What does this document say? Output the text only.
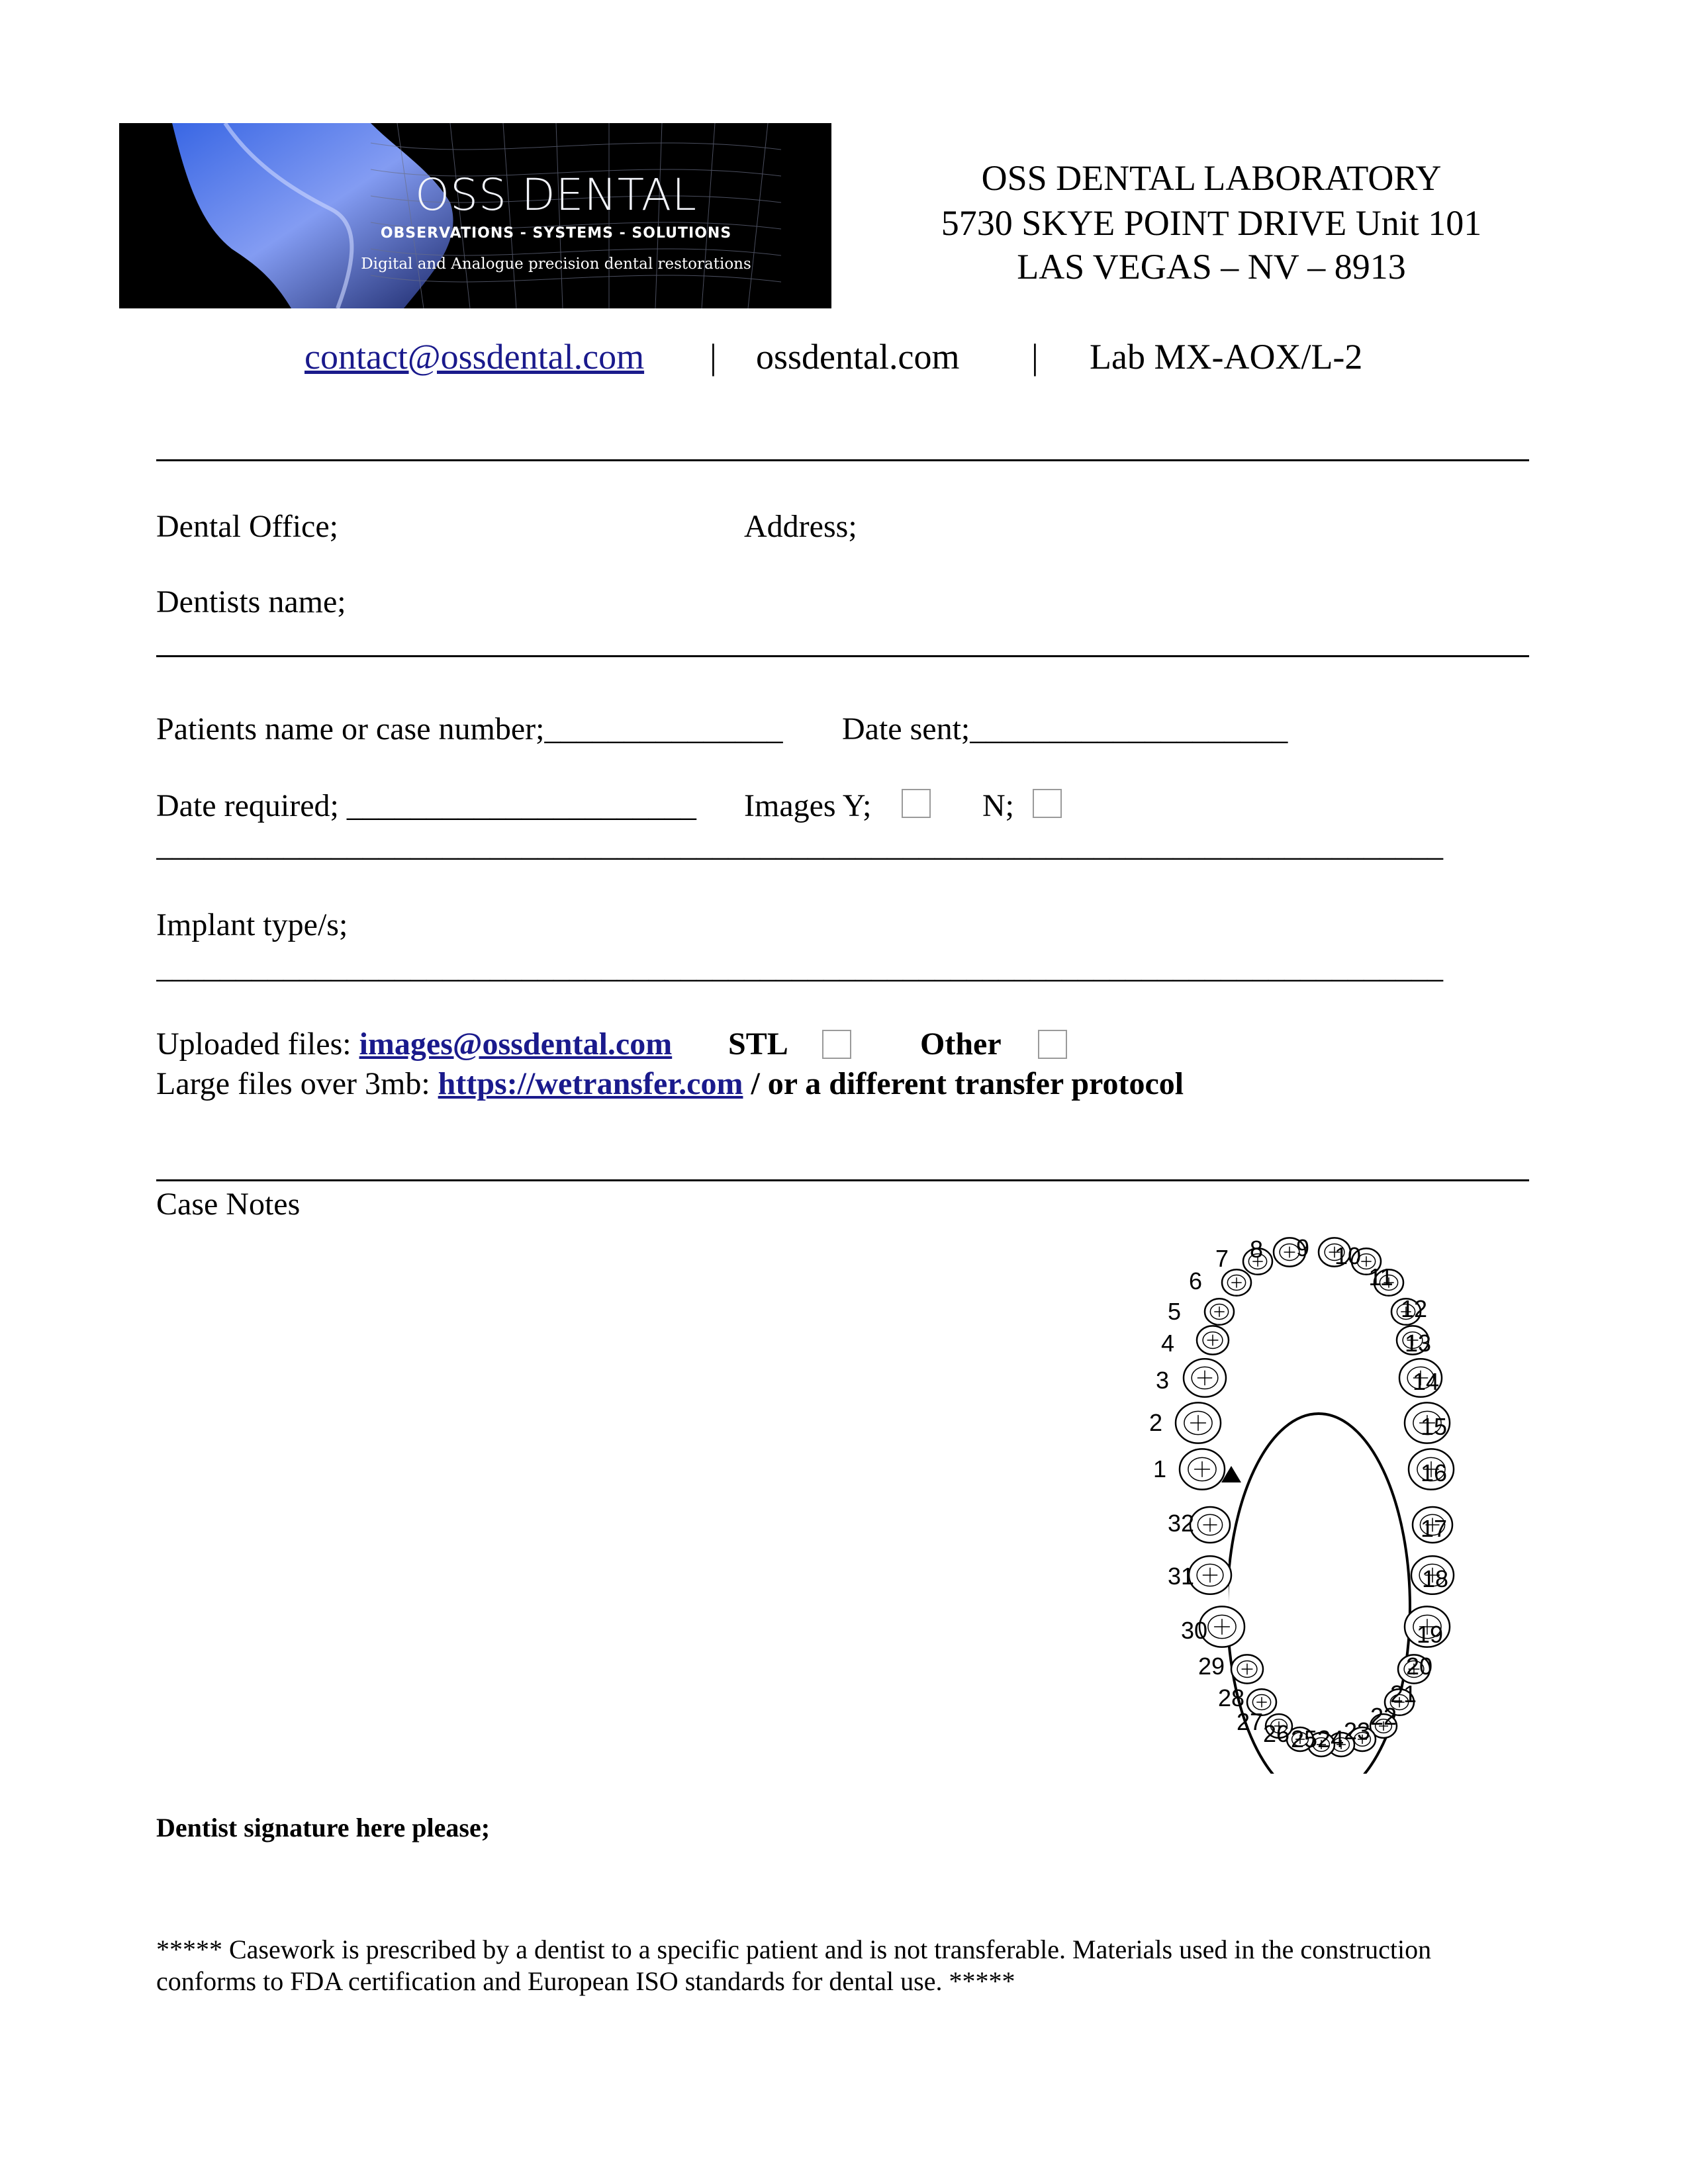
OSS DENTAL
OBSERVATIONS - SYSTEMS - SOLUTIONS
Digital and Analogue precision dental restorations
OSS DENTAL LABORATORY
5730 SKYE POINT DRIVE Unit 101
LAS VEGAS – NV – 8913
contact@ossdental.com | ossdental.com | Lab MX-AOX/L-2
Dental Office;	Address;
Dentists name;
Patients name or case number;_______________ Date sent;____________________
Date required; ______________________ Images Y;	N;
_________________________________________________________________________________
Implant type/s;
_________________________________________________________________________________
Uploaded files: images@ossdental.com STL	Other
Large files over 3mb: https://wetransfer.com / or a different transfer protocol
Case Notes
1
2
3
4
5
6
7 8 9 10
11
12
13
14
15
16
17
18
19
20
21
22
23
24
25
26
27
28
29
30
31
32
Dentist signature here please;
***** Casework is prescribed by a dentist to a specific patient and is not transferable. Materials used in the construction
conforms to FDA certification and European ISO standards for dental use. *****
